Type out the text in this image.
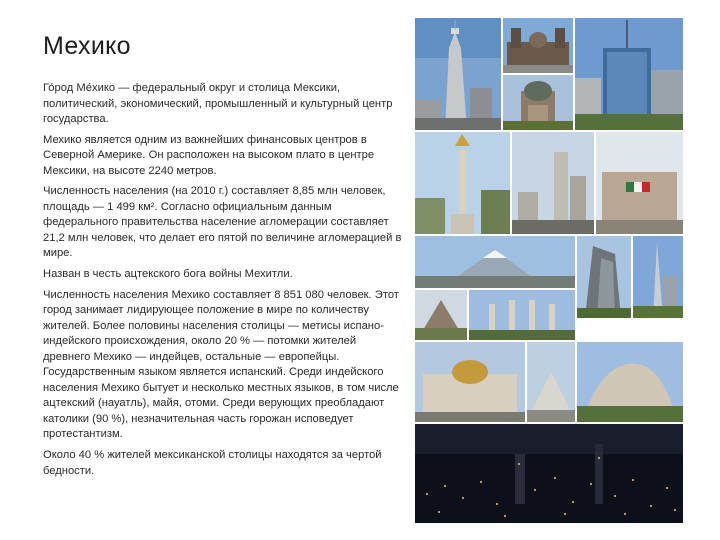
Мехико

Го́род Ме́хико — федеральный округ и столица Мексики, политический, экономический, промышленный и культурный центр государства.

Мехико является одним из важнейших финансовых центров в Северной Америке. Он расположен на высоком плато в центре Мексики, на высоте 2240 метров.

Численность населения (на 2010 г.) составляет 8,85 млн человек, площадь — 1 499 км². Согласно официальным данным федерального правительства население агломерации составляет 21,2 млн человек, что делает его пятой по величине агломерацией в мире.

Назван в честь ацтекского бога войны Мехитли.

Численность населения Мехико составляет 8 851 080 человек. Этот город занимает лидирующее положение в мире по количеству жителей. Более половины населения столицы — метисы испано-индейского происхождения, около 20 % — потомки жителей древнего Мехико — индейцев, остальные — европейцы. Государственным языком является испанский. Среди индейского населения Мехико бытует и несколько местных языков, в том числе ацтекский (науатль), майя, отоми. Среди верующих преобладают католики (90 %), незначительная часть горожан исповедует протестантизм.

Около 40 % жителей мексиканской столицы находятся за чертой бедности.
